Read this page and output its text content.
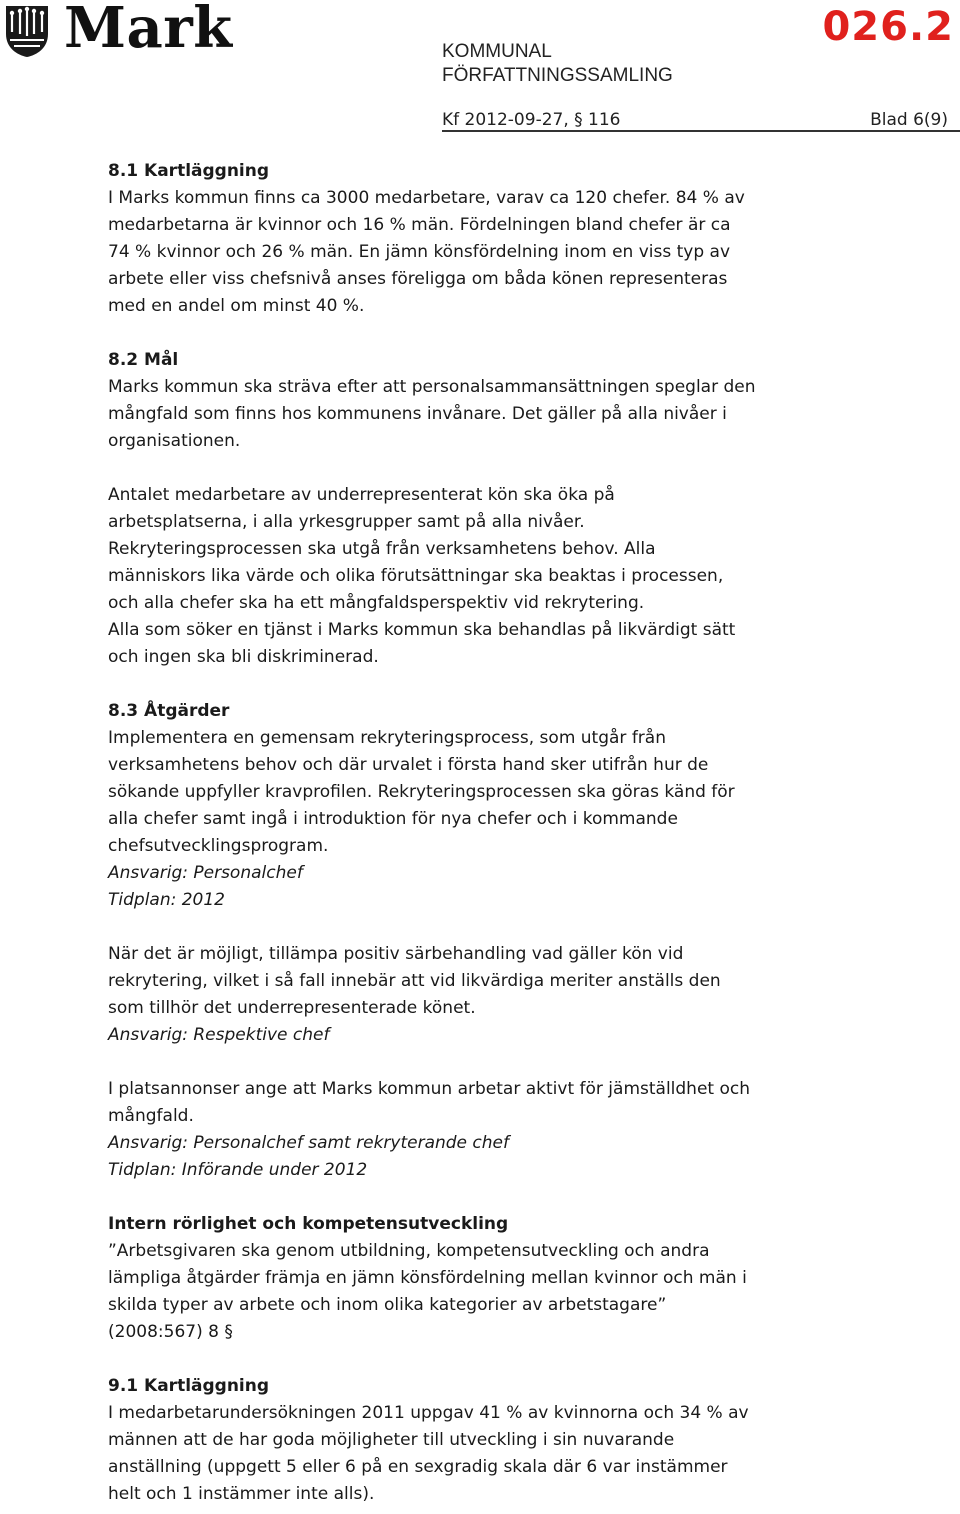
Mark	026.2
KOMMUNAL
FÖRFATTNINGSSAMLING
Kf 2012-09-27, § 116	Blad 6(9)
8.1 Kartläggning
I Marks kommun finns ca 3000 medarbetare, varav ca 120 chefer. 84 % av
medarbetarna är kvinnor och 16 % män. Fördelningen bland chefer är ca
74 % kvinnor och 26 % män. En jämn könsfördelning inom en viss typ av
arbete eller viss chefsnivå anses föreligga om båda könen representeras
med en andel om minst 40 %.
8.2 Mål
Marks kommun ska sträva efter att personalsammansättningen speglar den
mångfald som finns hos kommunens invånare. Det gäller på alla nivåer i
organisationen.
Antalet medarbetare av underrepresenterat kön ska öka på
arbetsplatserna, i alla yrkesgrupper samt på alla nivåer.
Rekryteringsprocessen ska utgå från verksamhetens behov. Alla
människors lika värde och olika förutsättningar ska beaktas i processen,
och alla chefer ska ha ett mångfaldsperspektiv vid rekrytering.
Alla som söker en tjänst i Marks kommun ska behandlas på likvärdigt sätt
och ingen ska bli diskriminerad.
8.3 Åtgärder
Implementera en gemensam rekryteringsprocess, som utgår från
verksamhetens behov och där urvalet i första hand sker utifrån hur de
sökande uppfyller kravprofilen. Rekryteringsprocessen ska göras känd för
alla chefer samt ingå i introduktion för nya chefer och i kommande
chefsutvecklingsprogram.
Ansvarig: Personalchef
Tidplan: 2012
När det är möjligt, tillämpa positiv särbehandling vad gäller kön vid
rekrytering, vilket i så fall innebär att vid likvärdiga meriter anställs den
som tillhör det underrepresenterade könet.
Ansvarig: Respektive chef
I platsannonser ange att Marks kommun arbetar aktivt för jämställdhet och
mångfald.
Ansvarig: Personalchef samt rekryterande chef
Tidplan: Införande under 2012
Intern rörlighet och kompetensutveckling
”Arbetsgivaren ska genom utbildning, kompetensutveckling och andra
lämpliga åtgärder främja en jämn könsfördelning mellan kvinnor och män i
skilda typer av arbete och inom olika kategorier av arbetstagare”
(2008:567) 8 §
9.1 Kartläggning
I medarbetarundersökningen 2011 uppgav 41 % av kvinnorna och 34 % av
männen att de har goda möjligheter till utveckling i sin nuvarande
anställning (uppgett 5 eller 6 på en sexgradig skala där 6 var instämmer
helt och 1 instämmer inte alls).
